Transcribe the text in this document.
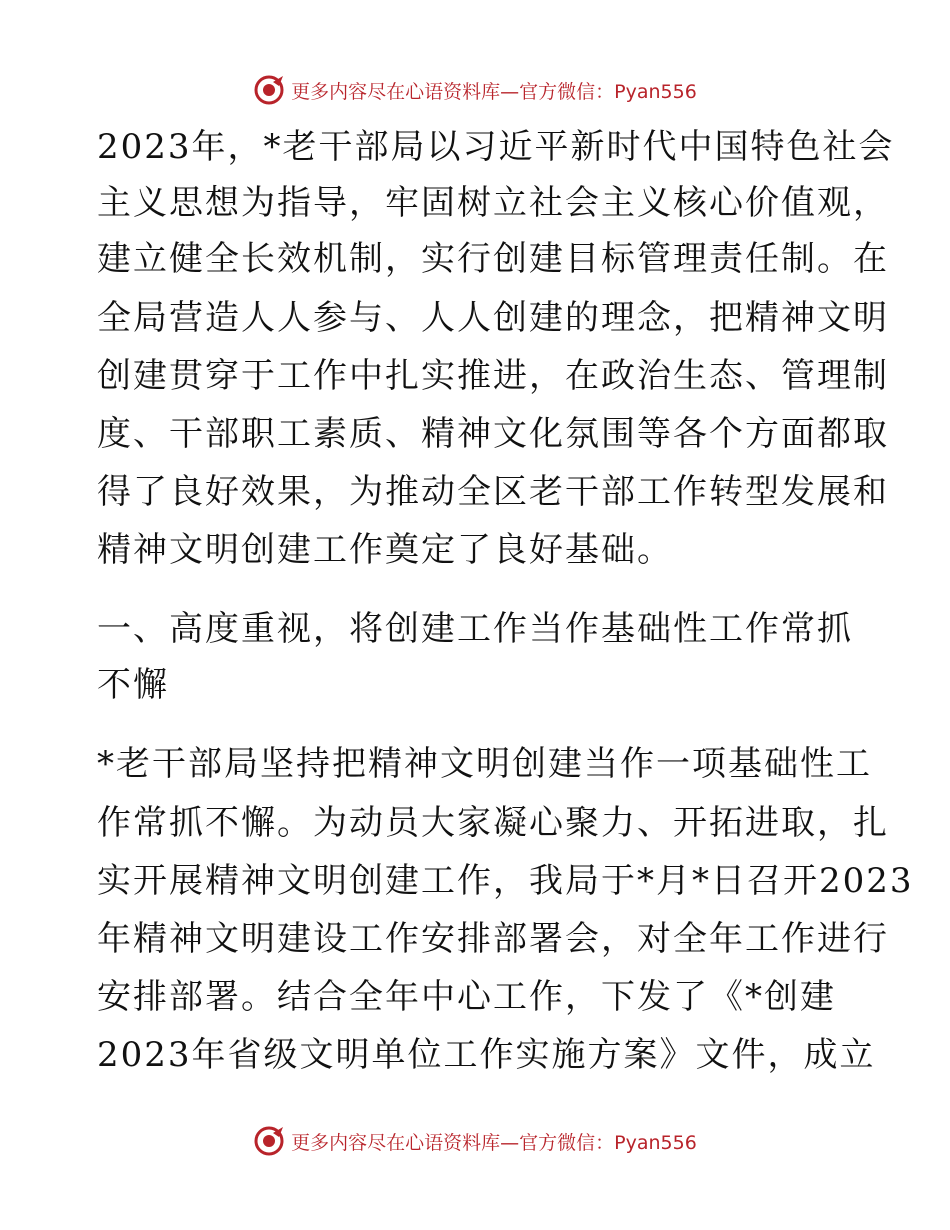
更多内容尽在心语资料库—官方微信：Pyan556
2023年，*老干部局以习近平新时代中国特色社会
主义思想为指导，牢固树立社会主义核心价值观，
建立健全长效机制，实行创建目标管理责任制。在
全局营造人人参与、人人创建的理念，把精神文明
创建贯穿于工作中扎实推进，在政治生态、管理制
度、干部职工素质、精神文化氛围等各个方面都取
得了良好效果，为推动全区老干部工作转型发展和
精神文明创建工作奠定了良好基础。
一、高度重视，将创建工作当作基础性工作常抓
不懈
*老干部局坚持把精神文明创建当作一项基础性工
作常抓不懈。为动员大家凝心聚力、开拓进取，扎
实开展精神文明创建工作，我局于*月*日召开2023
年精神文明建设工作安排部署会，对全年工作进行
安排部署。结合全年中心工作，下发了《*创建
2023年省级文明单位工作实施方案》文件，成立
更多内容尽在心语资料库—官方微信：Pyan556
